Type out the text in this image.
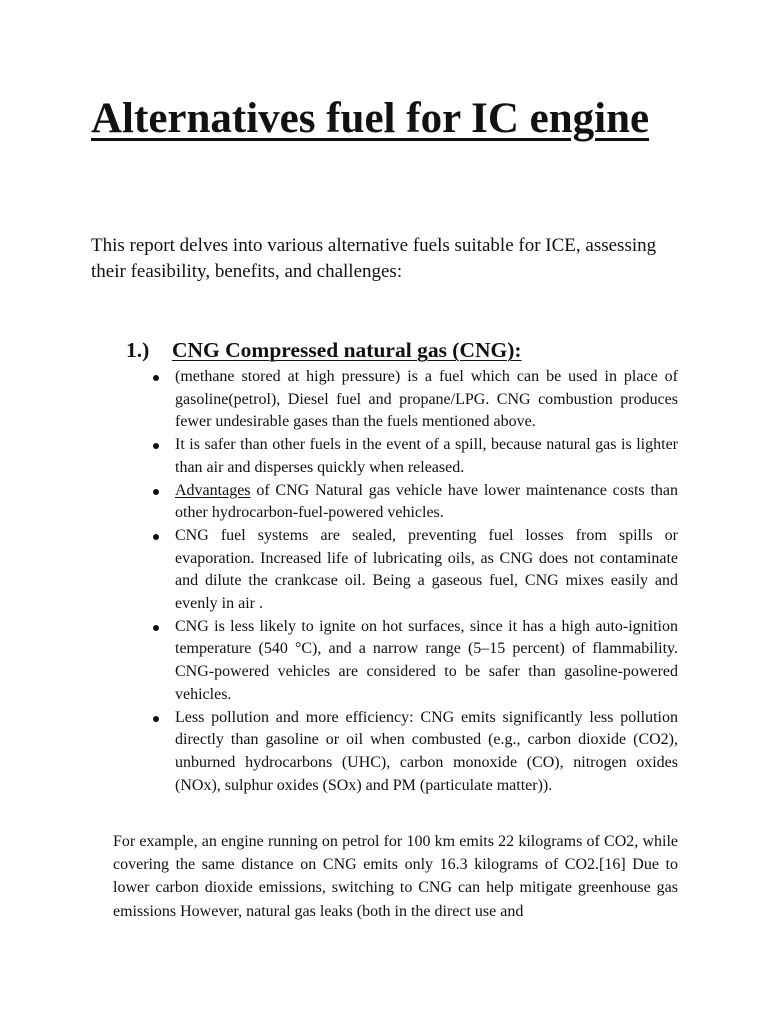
Alternatives fuel for IC engine

This report delves into various alternative fuels suitable for ICE, assessing their feasibility, benefits, and challenges:

1.) CNG Compressed natural gas (CNG):
(methane stored at high pressure) is a fuel which can be used in place of gasoline(petrol), Diesel fuel and propane/LPG. CNG combustion produces fewer undesirable gases than the fuels mentioned above.
It is safer than other fuels in the event of a spill, because natural gas is lighter than air and disperses quickly when released.
Advantages of CNG Natural gas vehicle have lower maintenance costs than other hydrocarbon-fuel-powered vehicles.
CNG fuel systems are sealed, preventing fuel losses from spills or evaporation. Increased life of lubricating oils, as CNG does not contaminate and dilute the crankcase oil. Being a gaseous fuel, CNG mixes easily and evenly in air .
CNG is less likely to ignite on hot surfaces, since it has a high auto-ignition temperature (540 °C), and a narrow range (5–15 percent) of flammability. CNG-powered vehicles are considered to be safer than gasoline-powered vehicles.
Less pollution and more efficiency: CNG emits significantly less pollution directly than gasoline or oil when combusted (e.g., carbon dioxide (CO2), unburned hydrocarbons (UHC), carbon monoxide (CO), nitrogen oxides (NOx), sulphur oxides (SOx) and PM (particulate matter)).

For example, an engine running on petrol for 100 km emits 22 kilograms of CO2, while covering the same distance on CNG emits only 16.3 kilograms of CO2.[16] Due to lower carbon dioxide emissions, switching to CNG can help mitigate greenhouse gas emissions However, natural gas leaks (both in the direct use and
